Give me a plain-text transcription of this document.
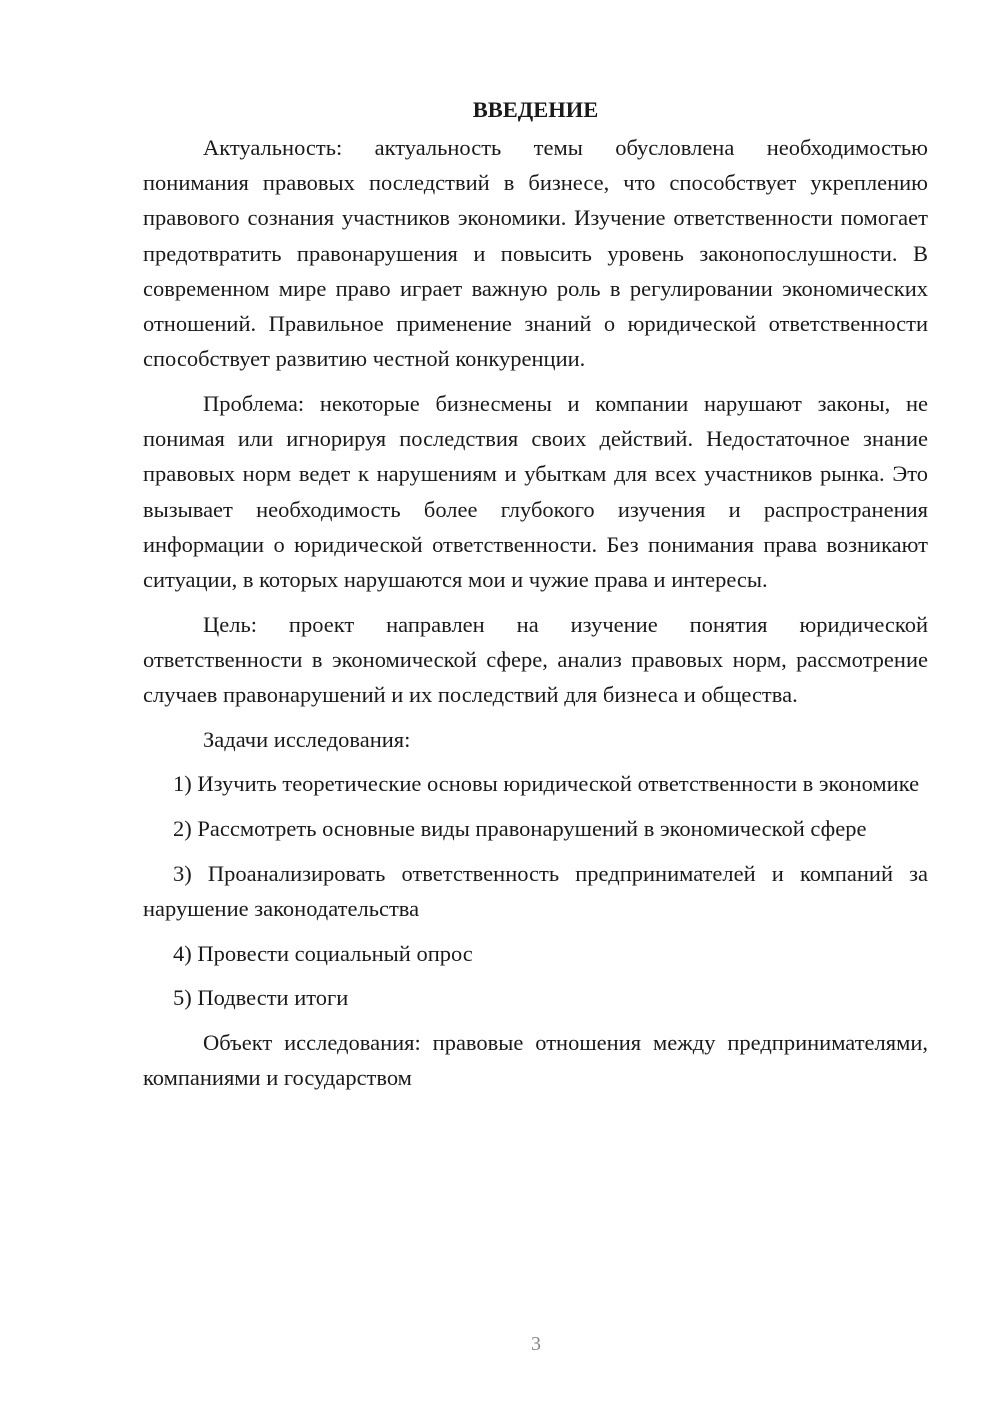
ВВЕДЕНИЕ

Актуальность: актуальность темы обусловлена необходимостью понимания правовых последствий в бизнесе, что способствует укреплению правового сознания участников экономики. Изучение ответственности помогает предотвратить правонарушения и повысить уровень законопослушности. В современном мире право играет важную роль в регулировании экономических отношений. Правильное применение знаний о юридической ответственности способствует развитию честной конкуренции.

Проблема: некоторые бизнесмены и компании нарушают законы, не понимая или игнорируя последствия своих действий. Недостаточное знание правовых норм ведет к нарушениям и убыткам для всех участников рынка. Это вызывает необходимость более глубокого изучения и распространения информации о юридической ответственности. Без понимания права возникают ситуации, в которых нарушаются мои и чужие права и интересы.

Цель: проект направлен на изучение понятия юридической ответственности в экономической сфере, анализ правовых норм, рассмотрение случаев правонарушений и их последствий для бизнеса и общества.

Задачи исследования:

1) Изучить теоретические основы юридической ответственности в экономике

2) Рассмотреть основные виды правонарушений в экономической сфере

3) Проанализировать ответственность предпринимателей и компаний за нарушение законодательства

4) Провести социальный опрос

5) Подвести итоги

Объект исследования: правовые отношения между предпринимателями, компаниями и государством

3
